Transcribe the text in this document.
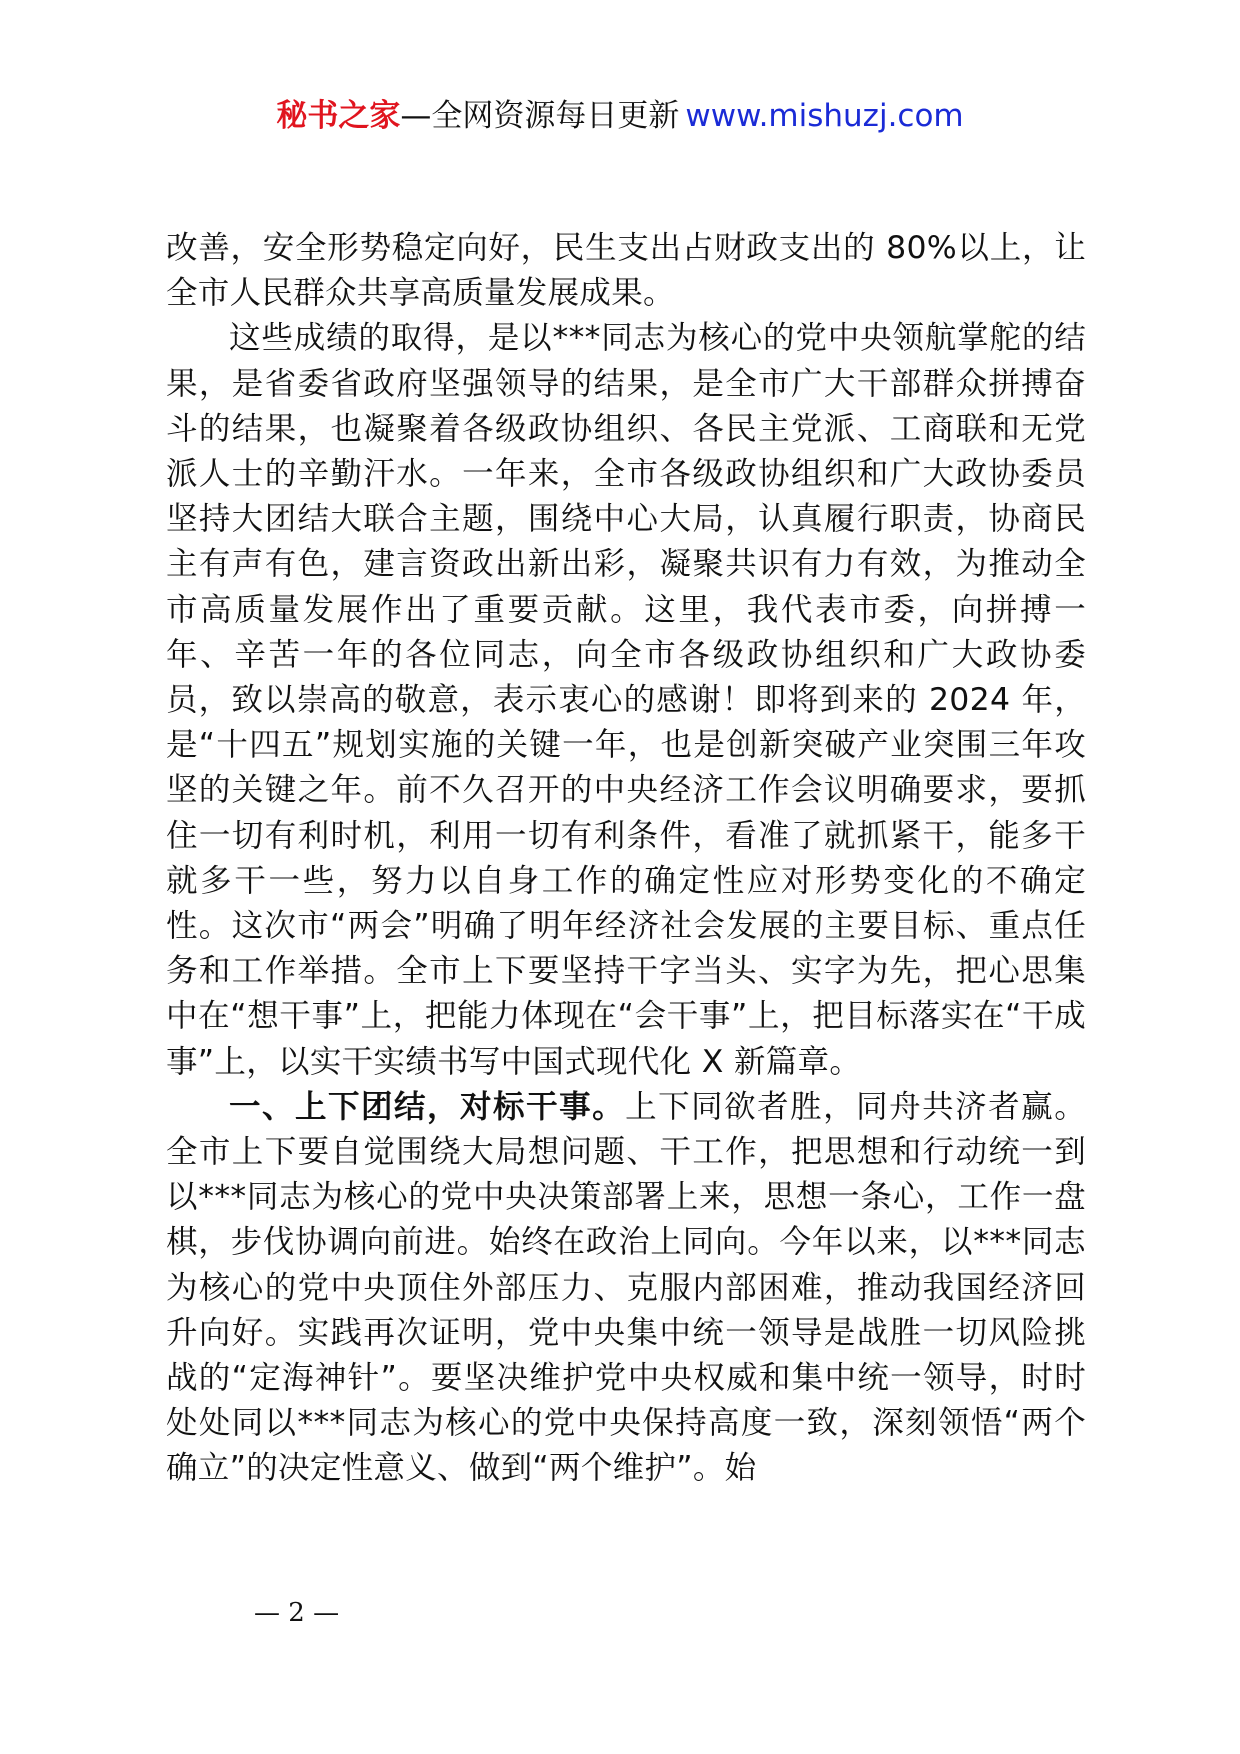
秘书之家—全网资源每日更新 www.mishuzj.com

改善，安全形势稳定向好，民生支出占财政支出的 80%以上，让全市人民群众共享高质量发展成果。

这些成绩的取得，是以***同志为核心的党中央领航掌舵的结果，是省委省政府坚强领导的结果，是全市广大干部群众拼搏奋斗的结果，也凝聚着各级政协组织、各民主党派、工商联和无党派人士的辛勤汗水。一年来，全市各级政协组织和广大政协委员坚持大团结大联合主题，围绕中心大局，认真履行职责，协商民主有声有色，建言资政出新出彩，凝聚共识有力有效，为推动全市高质量发展作出了重要贡献。这里，我代表市委，向拼搏一年、辛苦一年的各位同志，向全市各级政协组织和广大政协委员，致以崇高的敬意，表示衷心的感谢！即将到来的 2024 年，是“十四五”规划实施的关键一年，也是创新突破产业突围三年攻坚的关键之年。前不久召开的中央经济工作会议明确要求，要抓住一切有利时机，利用一切有利条件，看准了就抓紧干，能多干就多干一些，努力以自身工作的确定性应对形势变化的不确定性。这次市“两会”明确了明年经济社会发展的主要目标、重点任务和工作举措。全市上下要坚持干字当头、实字为先，把心思集中在“想干事”上，把能力体现在“会干事”上，把目标落实在“干成事”上，以实干实绩书写中国式现代化 X 新篇章。

一、上下团结，对标干事。上下同欲者胜，同舟共济者赢。全市上下要自觉围绕大局想问题、干工作，把思想和行动统一到以***同志为核心的党中央决策部署上来，思想一条心，工作一盘棋，步伐协调向前进。始终在政治上同向。今年以来，以***同志为核心的党中央顶住外部压力、克服内部困难，推动我国经济回升向好。实践再次证明，党中央集中统一领导是战胜一切风险挑战的“定海神针”。要坚决维护党中央权威和集中统一领导，时时处处同以***同志为核心的党中央保持高度一致，深刻领悟“两个确立”的决定性意义、做到“两个维护”。始

— 2 —
